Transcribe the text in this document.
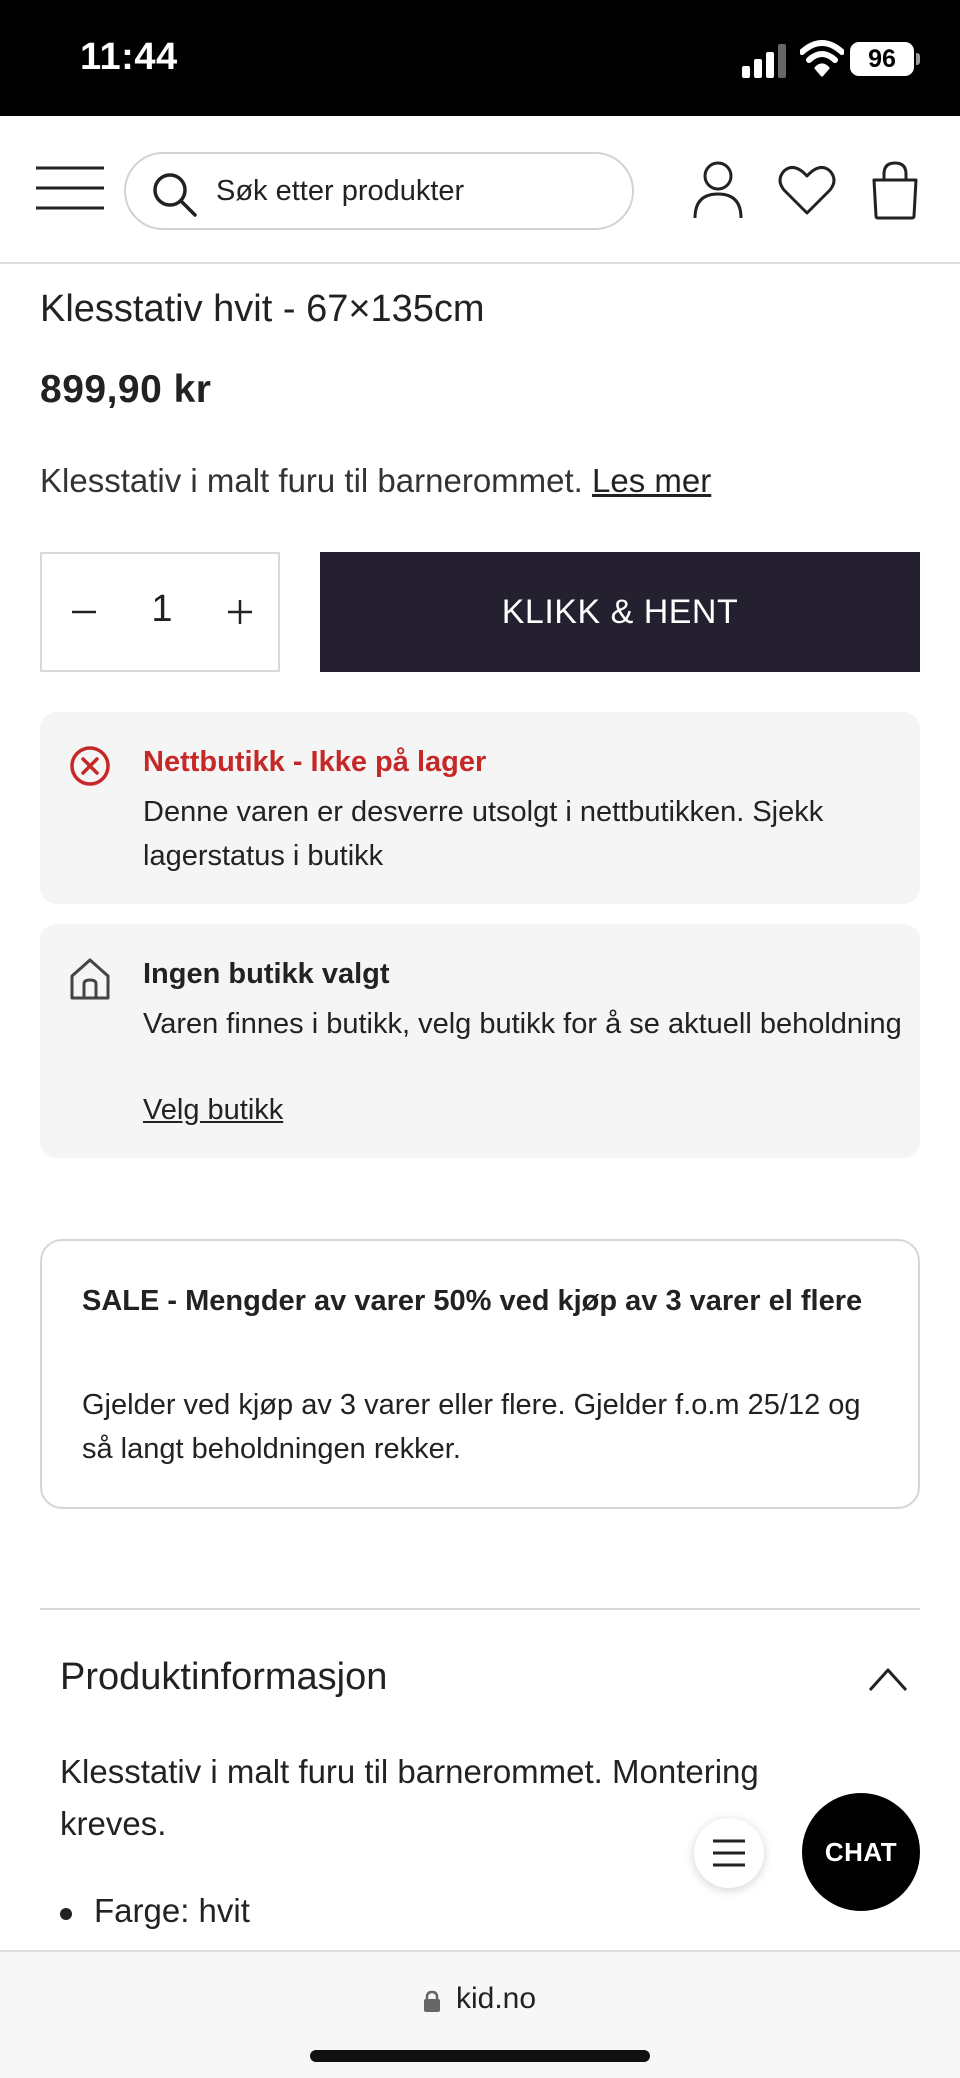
11:44	96
Søk etter produkter
Klesstativ hvit - 67×135cm
899,90 kr
Klesstativ i malt furu til barnerommet. Les mer
1	KLIKK & HENT
Nettbutikk - Ikke på lager
Denne varen er desverre utsolgt i nettbutikken. Sjekk lagerstatus i butikk
Ingen butikk valgt
Varen finnes i butikk, velg butikk for å se aktuell beholdning
Velg butikk
SALE - Mengder av varer 50% ved kjøp av 3 varer el flere
Gjelder ved kjøp av 3 varer eller flere. Gjelder f.o.m 25/12 og så langt beholdningen rekker.
Produktinformasjon
Klesstativ i malt furu til barnerommet. Montering kreves.
Farge: hvit
CHAT
kid.no
